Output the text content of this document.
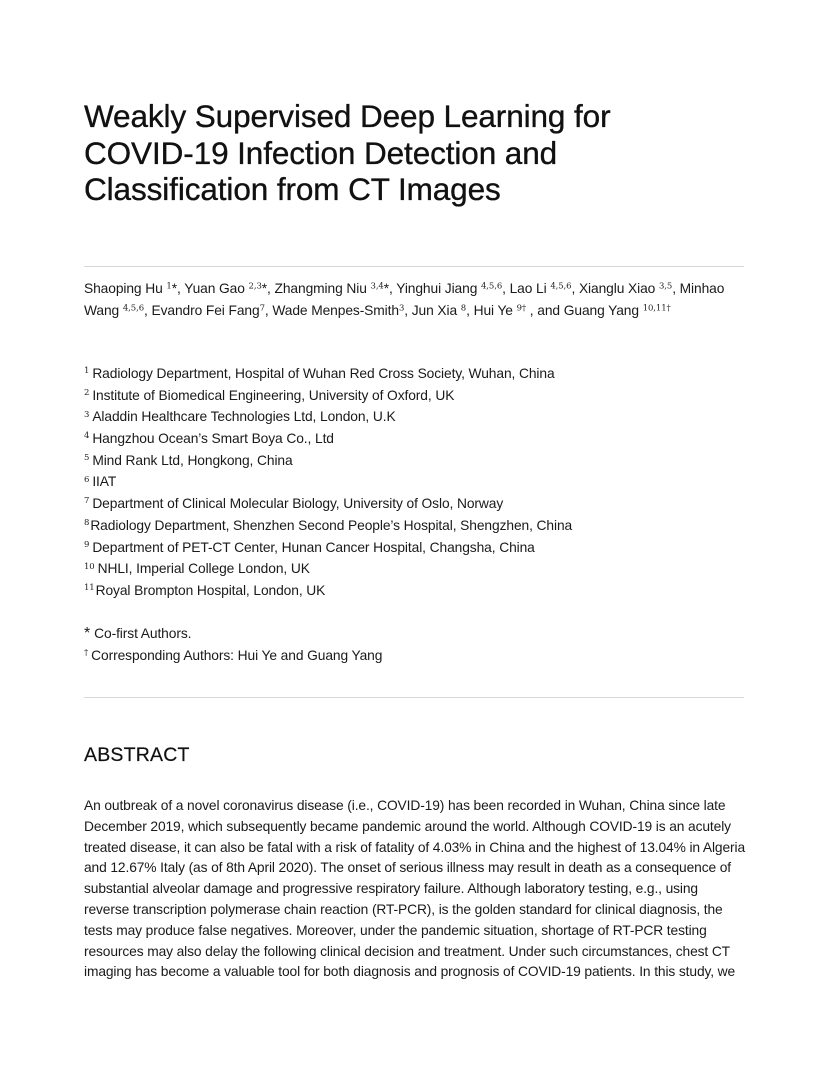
Weakly Supervised Deep Learning for COVID-19 Infection Detection and Classification from CT Images

Shaoping Hu $^1$*, Yuan Gao $^{2,3}$*, Zhangming Niu $^{3,4}$*, Yinghui Jiang $^{4,5,6}$, Lao Li $^{4,5,6}$, Xianglu Xiao $^{3,5}$, Minhao Wang $^{4,5,6}$, Evandro Fei Fang$^7$, Wade Menpes-Smith$^3$, Jun Xia $^8$, Hui Ye $^{9\dagger}$ , and Guang Yang $^{10,11\dagger}$

$^1$ Radiology Department, Hospital of Wuhan Red Cross Society, Wuhan, China
$^2$ Institute of Biomedical Engineering, University of Oxford, UK
$^3$ Aladdin Healthcare Technologies Ltd, London, U.K
$^4$ Hangzhou Ocean’s Smart Boya Co., Ltd
$^5$ Mind Rank Ltd, Hongkong, China
$^6$ IIAT
$^7$ Department of Clinical Molecular Biology, University of Oslo, Norway
$^8$Radiology Department, Shenzhen Second People’s Hospital, Shengzhen, China
$^9$ Department of PET-CT Center, Hunan Cancer Hospital, Changsha, China
$^{10}$ NHLI, Imperial College London, UK
$^{11}$Royal Brompton Hospital, London, UK
* Co-first Authors.
† Corresponding Authors: Hui Ye and Guang Yang
ABSTRACT

An outbreak of a novel coronavirus disease (i.e., COVID-19) has been recorded in Wuhan, China since late December 2019, which subsequently became pandemic around the world. Although COVID-19 is an acutely treated disease, it can also be fatal with a risk of fatality of 4.03% in China and the highest of 13.04% in Algeria and 12.67% Italy (as of 8th April 2020). The onset of serious illness may result in death as a consequence of substantial alveolar damage and progressive respiratory failure. Although laboratory testing, e.g., using reverse transcription polymerase chain reaction (RT-PCR), is the golden standard for clinical diagnosis, the tests may produce false negatives. Moreover, under the pandemic situation, shortage of RT-PCR testing resources may also delay the following clinical decision and treatment. Under such circumstances, chest CT imaging has become a valuable tool for both diagnosis and prognosis of COVID-19 patients. In this study, we
